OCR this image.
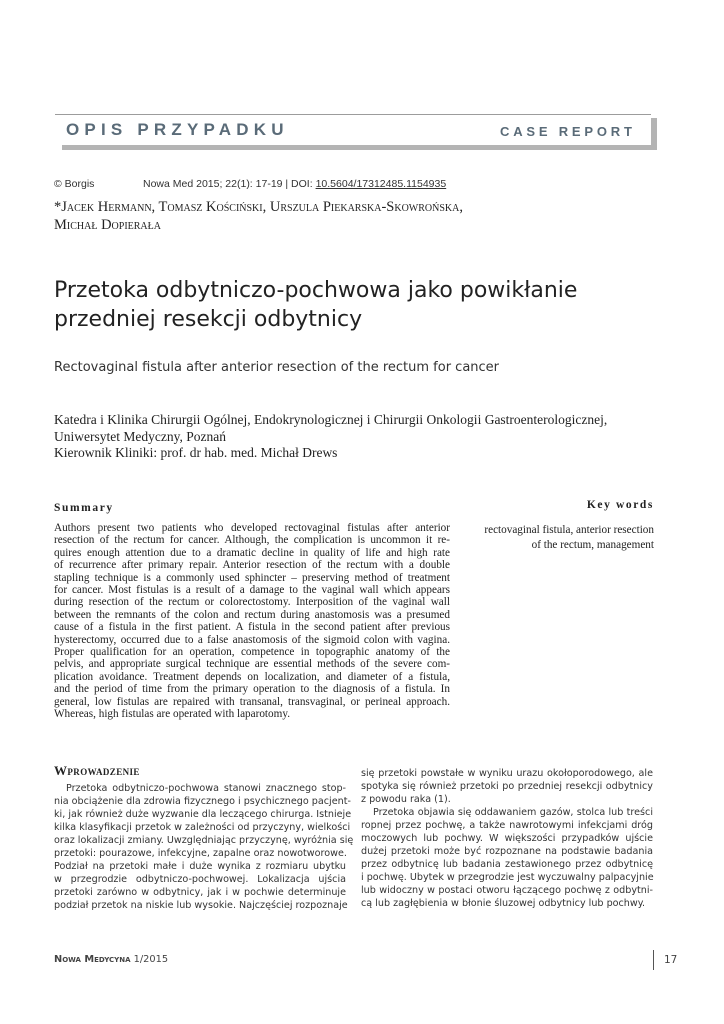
OPIS PRZYPADKU	CASE REPORT
© Borgis	Nowa Med 2015; 22(1): 17-19 | DOI: 10.5604/17312485.1154935
*Jacek Hermann, Tomasz Kościński, Urszula Piekarska-Skowrońska,
Michał Dopierała
Przetoka odbytniczo-pochwowa jako powikłanie
przedniej resekcji odbytnicy
Rectovaginal fistula after anterior resection of the rectum for cancer
Katedra i Klinika Chirurgii Ogólnej, Endokrynologicznej i Chirurgii Onkologii Gastroenterologicznej,
Uniwersytet Medyczny, Poznań
Kierownik Kliniki: prof. dr hab. med. Michał Drews
Summary	Key words
Authors present two patients who developed rectovaginal fistulas after anterior
resection of the rectum for cancer. Although, the complication is uncommon it re-
quires enough attention due to a dramatic decline in quality of life and high rate
of recurrence after primary repair. Anterior resection of the rectum with a double
stapling technique is a commonly used sphincter – preserving method of treatment
for cancer. Most fistulas is a result of a damage to the vaginal wall which appears
during resection of the rectum or colorectostomy. Interposition of the vaginal wall
between the remnants of the colon and rectum during anastomosis was a presumed
cause of a fistula in the first patient. A fistula in the second patient after previous
hysterectomy, occurred due to a false anastomosis of the sigmoid colon with vagina.
Proper qualification for an operation, competence in topographic anatomy of the
pelvis, and appropriate surgical technique are essential methods of the severe com-
plication avoidance. Treatment depends on localization, and diameter of a fistula,
and the period of time from the primary operation to the diagnosis of a fistula. In
general, low fistulas are repaired with transanal, transvaginal, or perineal approach.
Whereas, high fistulas are operated with laparotomy.
rectovaginal fistula, anterior resection
of the rectum, management
Wprowadzenie
Przetoka odbytniczo-pochwowa stanowi znacznego stop-
nia obciążenie dla zdrowia fizycznego i psychicznego pacjent-
ki, jak również duże wyzwanie dla leczącego chirurga. Istnieje
kilka klasyfikacji przetok w zależności od przyczyny, wielkości
oraz lokalizacji zmiany. Uwzględniając przyczynę, wyróżnia się
przetoki: pourazowe, infekcyjne, zapalne oraz nowotworowe.
Podział na przetoki małe i duże wynika z rozmiaru ubytku
w przegrodzie odbytniczo-pochwowej. Lokalizacja ujścia
przetoki zarówno w odbytnicy, jak i w pochwie determinuje
podział przetok na niskie lub wysokie. Najczęściej rozpoznaje
się przetoki powstałe w wyniku urazu okołoporodowego, ale
spotyka się również przetoki po przedniej resekcji odbytnicy
z powodu raka (1).
Przetoka objawia się oddawaniem gazów, stolca lub treści
ropnej przez pochwę, a także nawrotowymi infekcjami dróg
moczowych lub pochwy. W większości przypadków ujście
dużej przetoki może być rozpoznane na podstawie badania
przez odbytnicę lub badania zestawionego przez odbytnicę
i pochwę. Ubytek w przegrodzie jest wyczuwalny palpacyjnie
lub widoczny w postaci otworu łączącego pochwę z odbytni-
cą lub zagłębienia w błonie śluzowej odbytnicy lub pochwy.
Nowa Medycyna 1/2015	17
